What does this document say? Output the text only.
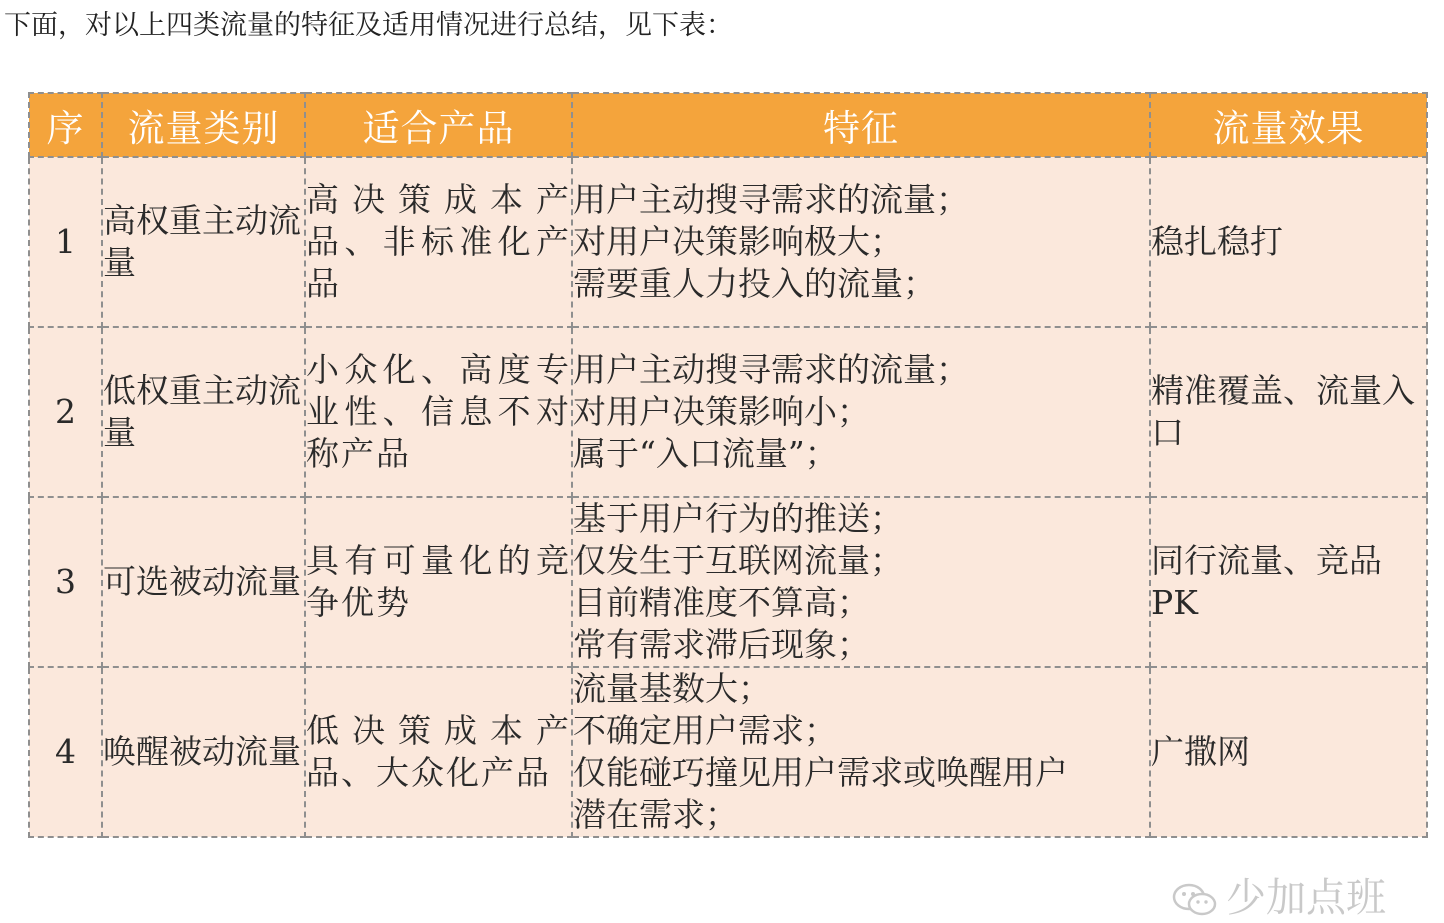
下面，对以上四类流量的特征及适用情况进行总结，见下表：
序	流量类别	适合产品	特征	流量效果
1	高权重主动流量	高决策成本产品、非标准化产品	用户主动搜寻需求的流量；
对用户决策影响极大；
需要重人力投入的流量；	稳扎稳打
2	低权重主动流量	小众化、高度专业性、信息不对称产品	用户主动搜寻需求的流量；
对用户决策影响小；
属于“入口流量”；	精准覆盖、流量入口
3	可选被动流量	具有可量化的竞争优势	基于用户行为的推送；
仅发生于互联网流量；
目前精准度不算高；
常有需求滞后现象；	同行流量、竞品PK
4	唤醒被动流量	低决策成本产品、大众化产品	流量基数大；
不确定用户需求；
仅能碰巧撞见用户需求或唤醒用户
潜在需求；	广撒网
少加点班
